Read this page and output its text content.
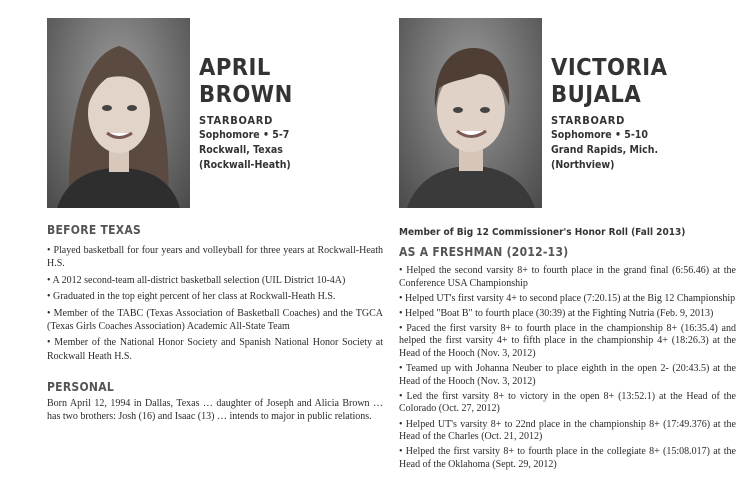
APRIL
BROWN
STARBOARD
Sophomore • 5-7
Rockwall, Texas
(Rockwall-Heath)
BEFORE TEXAS
• Played basketball for four years and volleyball for three years at Rockwall-Heath H.S.
• A 2012 second-team all-district basketball selection (UIL District 10-4A)
• Graduated in the top eight percent of her class at Rockwall-Heath H.S.
• Member of the TABC (Texas Association of Basketball Coaches) and the TGCA (Texas Girls Coaches Association) Academic All-State Team
• Member of the National Honor Society and Spanish National Honor Society at Rockwall Heath H.S.
PERSONAL

Born April 12, 1994 in Dallas, Texas … daughter of Joseph and Alicia Brown … has two brothers: Josh (16) and Isaac (13) … intends to major in public relations.

VICTORIA
BUJALA
STARBOARD
Sophomore • 5-10
Grand Rapids, Mich.
(Northview)
Member of Big 12 Commissioner's Honor Roll (Fall 2013)
AS A FRESHMAN (2012-13)
• Helped the second varsity 8+ to fourth place in the grand final (6:56.46) at the Conference USA Championship
• Helped UT's first varsity 4+ to second place (7:20.15) at the Big 12 Championship
• Helped "Boat B" to fourth place (30:39) at the Fighting Nutria (Feb. 9, 2013)
• Paced the first varsity 8+ to fourth place in the championship 8+ (16:35.4) and helped the first varsity 4+ to fifth place in the championship 4+ (18:26.3) at the Head of the Hooch (Nov. 3, 2012)
• Teamed up with Johanna Neuber to place eighth in the open 2- (20:43.5) at the Head of the Hooch (Nov. 3, 2012)
• Led the first varsity 8+ to victory in the open 8+ (13:52.1) at the Head of the Colorado (Oct. 27, 2012)
• Helped UT's varsity 8+ to 22nd place in the championship 8+ (17:49.376) at the Head of the Charles (Oct. 21, 2012)
• Helped the first varsity 8+ to fourth place in the collegiate 8+ (15:08.017) at the Head of the Oklahoma (Sept. 29, 2012)
